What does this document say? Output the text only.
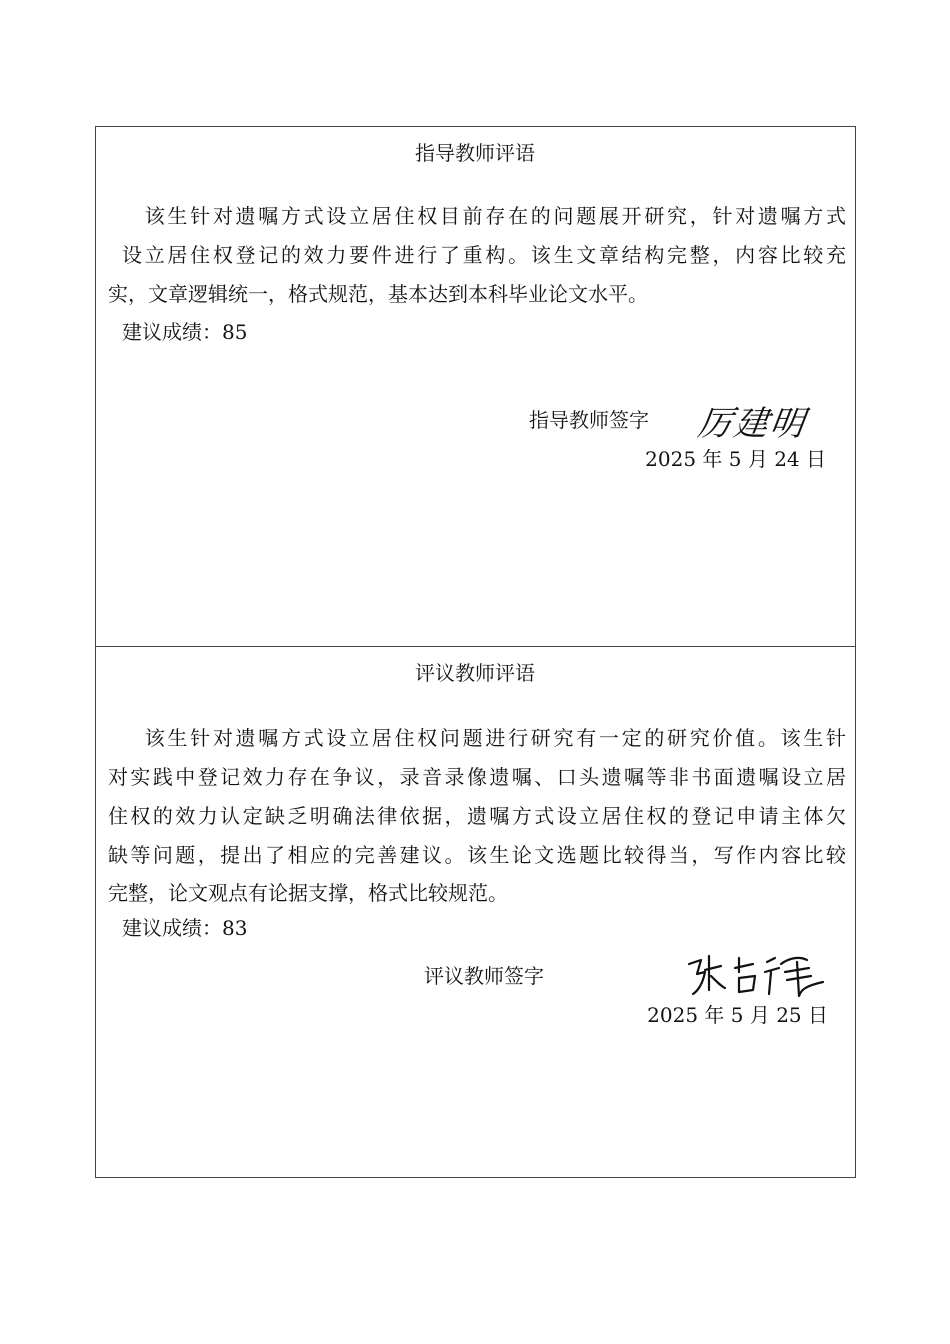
指导教师评语
　该生针对遗嘱方式设立居住权目前存在的问题展开研究，针对遗嘱方式
设立居住权登记的效力要件进行了重构。该生文章结构完整，内容比较充
实，文章逻辑统一，格式规范，基本达到本科毕业论文水平。
建议成绩：85
指导教师签字 厉建明
2025 年 5 月 24 日
评议教师评语
　该生针对遗嘱方式设立居住权问题进行研究有一定的研究价值。该生针
对实践中登记效力存在争议，录音录像遗嘱、口头遗嘱等非书面遗嘱设立居
住权的效力认定缺乏明确法律依据，遗嘱方式设立居住权的登记申请主体欠
缺等问题，提出了相应的完善建议。该生论文选题比较得当，写作内容比较
完整，论文观点有论据支撑，格式比较规范。
建议成绩：83
评议教师签字
2025 年 5 月 25 日
